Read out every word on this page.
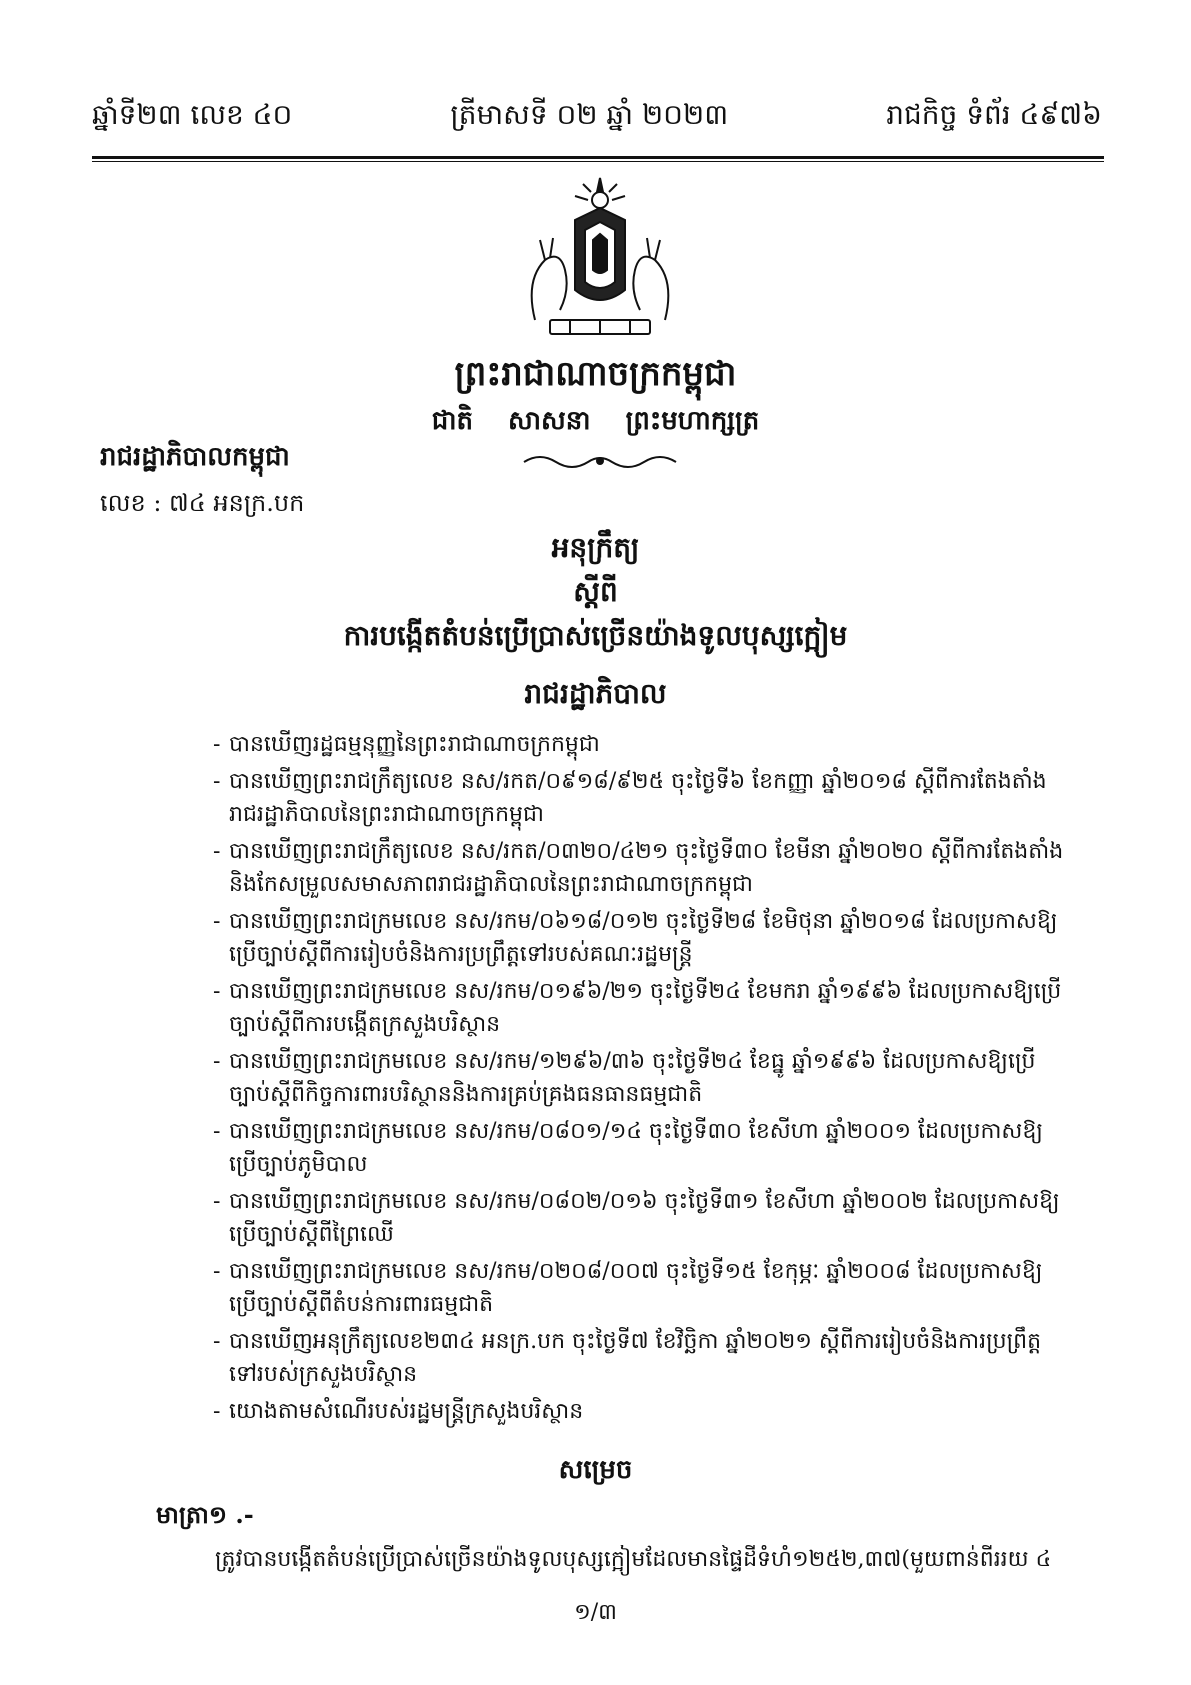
ឆ្នាំទី២៣ លេខ ៤០	ត្រីមាសទី ០២ ឆ្នាំ ២០២៣	រាជកិច្ច ទំព័រ ៤៩៧៦
ព្រះរាជាណាចក្រកម្ពុជា
ជាតិ សាសនា ព្រះមហាក្សត្រ
រាជរដ្ឋាភិបាលកម្ពុជា
លេខ : ៧៤ អនក្រ.បក
អនុក្រឹត្យ
ស្ដីពី
ការបង្កើតតំបន់ប្រើប្រាស់ច្រើនយ៉ាងទូលបុស្សក្អៀម
រាជរដ្ឋាភិបាល
- បានឃើញរដ្ឋធម្មនុញ្ញនៃព្រះរាជាណាចក្រកម្ពុជា
- បានឃើញព្រះរាជក្រឹត្យលេខ នស/រកត/០៩១៨/៩២៥ ចុះថ្ងៃទី៦ ខែកញ្ញា ឆ្នាំ២០១៨ ស្ដីពីការតែងតាំងរាជរដ្ឋាភិបាលនៃព្រះរាជាណាចក្រកម្ពុជា
- បានឃើញព្រះរាជក្រឹត្យលេខ នស/រកត/០៣២០/៤២១ ចុះថ្ងៃទី៣០ ខែមីនា ឆ្នាំ២០២០ ស្ដីពីការតែងតាំងនិងកែសម្រួលសមាសភាពរាជរដ្ឋាភិបាលនៃព្រះរាជាណាចក្រកម្ពុជា
- បានឃើញព្រះរាជក្រមលេខ នស/រកម/០៦១៨/០១២ ចុះថ្ងៃទី២៨ ខែមិថុនា ឆ្នាំ២០១៨ ដែលប្រកាសឱ្យប្រើច្បាប់ស្ដីពីការរៀបចំនិងការប្រព្រឹត្តទៅរបស់គណៈរដ្ឋមន្ត្រី
- បានឃើញព្រះរាជក្រមលេខ នស/រកម/០១៩៦/២១ ចុះថ្ងៃទី២៤ ខែមករា ឆ្នាំ១៩៩៦ ដែលប្រកាសឱ្យប្រើច្បាប់ស្ដីពីការបង្កើតក្រសួងបរិស្ថាន
- បានឃើញព្រះរាជក្រមលេខ នស/រកម/១២៩៦/៣៦ ចុះថ្ងៃទី២៤ ខែធ្នូ ឆ្នាំ១៩៩៦ ដែលប្រកាសឱ្យប្រើច្បាប់ស្ដីពីកិច្ចការពារបរិស្ថាននិងការគ្រប់គ្រងធនធានធម្មជាតិ
- បានឃើញព្រះរាជក្រមលេខ នស/រកម/០៨០១/១៤ ចុះថ្ងៃទី៣០ ខែសីហា ឆ្នាំ២០០១ ដែលប្រកាសឱ្យប្រើច្បាប់ភូមិបាល
- បានឃើញព្រះរាជក្រមលេខ នស/រកម/០៨០២/០១៦ ចុះថ្ងៃទី៣១ ខែសីហា ឆ្នាំ២០០២ ដែលប្រកាសឱ្យប្រើច្បាប់ស្ដីពីព្រៃឈើ
- បានឃើញព្រះរាជក្រមលេខ នស/រកម/០២០៨/០០៧ ចុះថ្ងៃទី១៥ ខែកុម្ភៈ ឆ្នាំ២០០៨ ដែលប្រកាសឱ្យប្រើច្បាប់ស្ដីពីតំបន់ការពារធម្មជាតិ
- បានឃើញអនុក្រឹត្យលេខ២៣៤ អនក្រ.បក ចុះថ្ងៃទី៧ ខែវិច្ឆិកា ឆ្នាំ២០២១ ស្ដីពីការរៀបចំនិងការប្រព្រឹត្តទៅរបស់ក្រសួងបរិស្ថាន
- យោងតាមសំណើរបស់រដ្ឋមន្ត្រីក្រសួងបរិស្ថាន
សម្រេច
មាត្រា១ .-
ត្រូវបានបង្កើតតំបន់ប្រើប្រាស់ច្រើនយ៉ាងទូលបុស្សក្អៀមដែលមានផ្ទៃដីទំហំ១២៥២,៣៧(មួយពាន់ពីររយ ៤
១/៣
